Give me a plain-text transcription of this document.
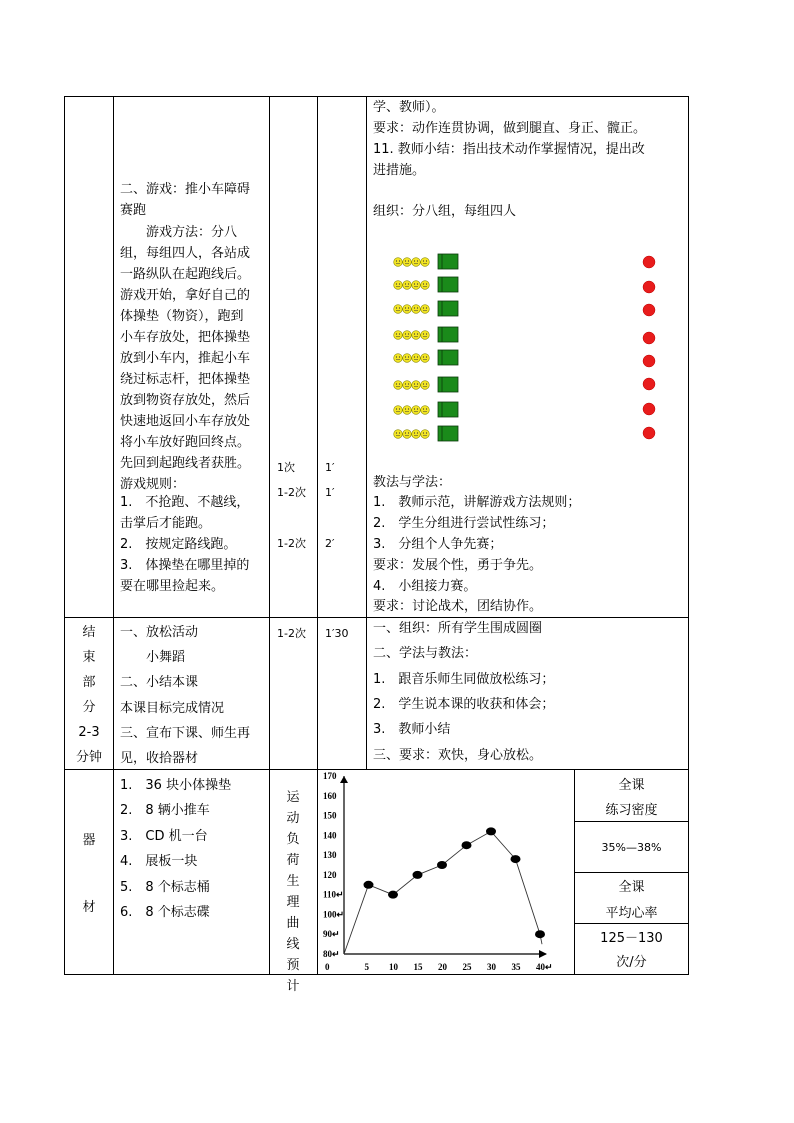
二、游戏：推小车障碍
赛跑
　　游戏方法：分八
组，每组四人，各站成
一路纵队在起跑线后。
游戏开始，拿好自己的
体操垫（物资），跑到
小车存放处，把体操垫
放到小车内，推起小车
绕过标志杆，把体操垫
放到物资存放处，然后
快速地返回小车存放处
将小车放好跑回终点。
先回到起跑线者获胜。
游戏规则：
1.　不抢跑、不越线，
击掌后才能跑。
2.　按规定路线跑。
3.　体操垫在哪里掉的
要在哪里捡起来。
1次
1-2次
1-2次
1′
1′
2′
学、教师）。
要求：动作连贯协调，做到腿直、身正、髋正。
11. 教师小结：指出技术动作掌握情况，提出改
进措施。
组织：分八组，每组四人
教法与学法：
1.　教师示范，讲解游戏方法规则；
2.　学生分组进行尝试性练习；
3.　分组个人争先赛；
要求：发展个性，勇于争先。
4.　小组接力赛。
要求：讨论战术，团结协作。
结
束
部
分
2-3
分钟
一、放松活动
　　小舞蹈
二、小结本课
本课目标完成情况
三、宣布下课、师生再
见，收拾器材
1-2次 1′30 一、组织：所有学生围成圆圈
二、学法与教法：
1.　跟音乐师生同做放松练习；
2.　学生说本课的收获和体会；
3.　教师小结
三、要求：欢快，身心放松。
器
材
1.　36 块小体操垫
2.　8 辆小推车
3.　CD 机一台
4.　展板一块
5.　8 个标志桶
6.　8 个标志碟
运动负荷生理曲线预计
80↵
90↵
100↵
110↵
120
130
140
150
160
170
0	5 10 15 20 25 30 35 40↵
全课
练习密度
35%—38%
全课
平均心率
125－130
次/分
